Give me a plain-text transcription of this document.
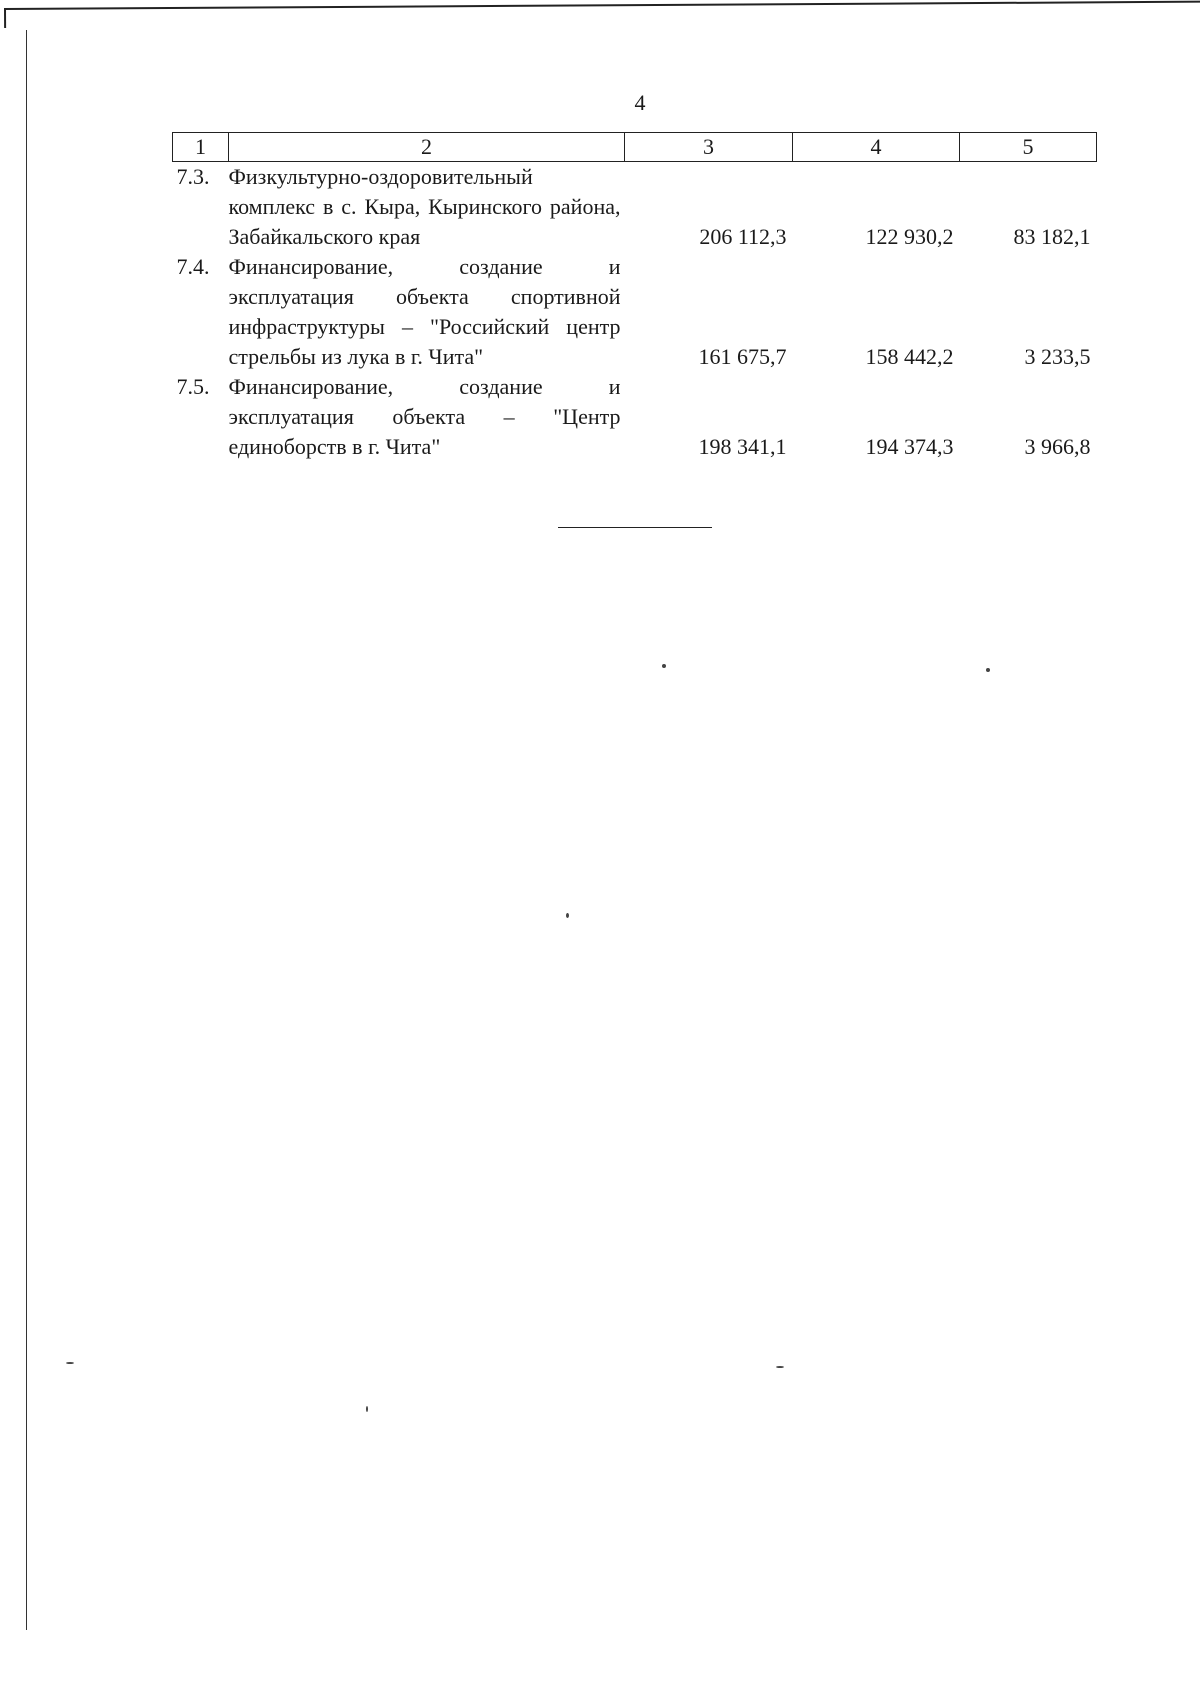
4
1	2	3	4	5
7.3.	Физкультурно-оздоровительный комплекс в с. Кыра, Кыринского района, Забайкальского края	206 112,3	122 930,2	83 182,1
7.4.	Финансирование, создание и эксплуатация объекта спортивной инфраструктуры – "Российский центр стрельбы из лука в г. Чита"	161 675,7	158 442,2	3 233,5
7.5.	Финансирование, создание и эксплуатация объекта – "Центр единоборств в г. Чита"	198 341,1	194 374,3	3 966,8
